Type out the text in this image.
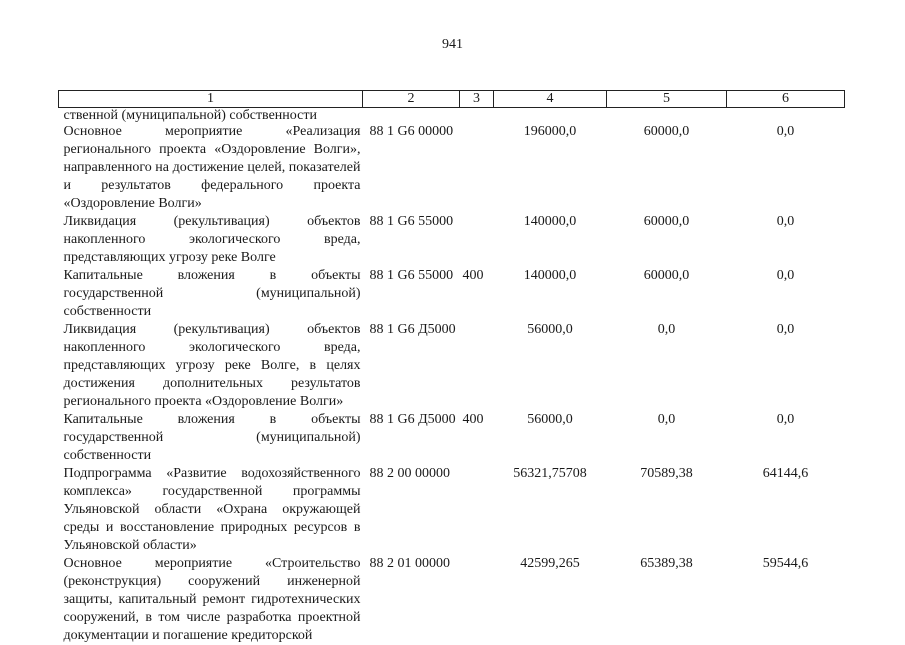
941
1	2	3	4	5	6
ственной (муниципальной) собственности					
Основное мероприятие «Реализация регионального проекта «Оздоровление Волги», направленного на достижение целей, показателей и результатов федерального проекта «Оздоровление Волги»	88 1 G6 00000		196000,0	60000,0	0,0
Ликвидация (рекультивация) объектов накопленного экологического вреда, представляющих угрозу реке Волге	88 1 G6 55000		140000,0	60000,0	0,0
Капитальные вложения в объекты государственной (муниципальной) собственности	88 1 G6 55000	400	140000,0	60000,0	0,0
Ликвидация (рекультивация) объектов накопленного экологического вреда, представляющих угрозу реке Волге, в целях достижения дополнительных результатов регионального проекта «Оздоровление Волги»	88 1 G6 Д5000		56000,0	0,0	0,0
Капитальные вложения в объекты государственной (муниципальной) собственности	88 1 G6 Д5000	400	56000,0	0,0	0,0
Подпрограмма «Развитие водохозяйственного комплекса» государственной программы Ульяновской области «Охрана окружающей среды и восстановление природных ресурсов в Ульяновской области»	88 2 00 00000		56321,75708	70589,38	64144,6
Основное мероприятие «Строительство (реконструкция) сооружений инженерной защиты, капитальный ремонт гидротехнических сооружений, в том числе разработка проектной документации и погашение кредиторской	88 2 01 00000		42599,265	65389,38	59544,6
